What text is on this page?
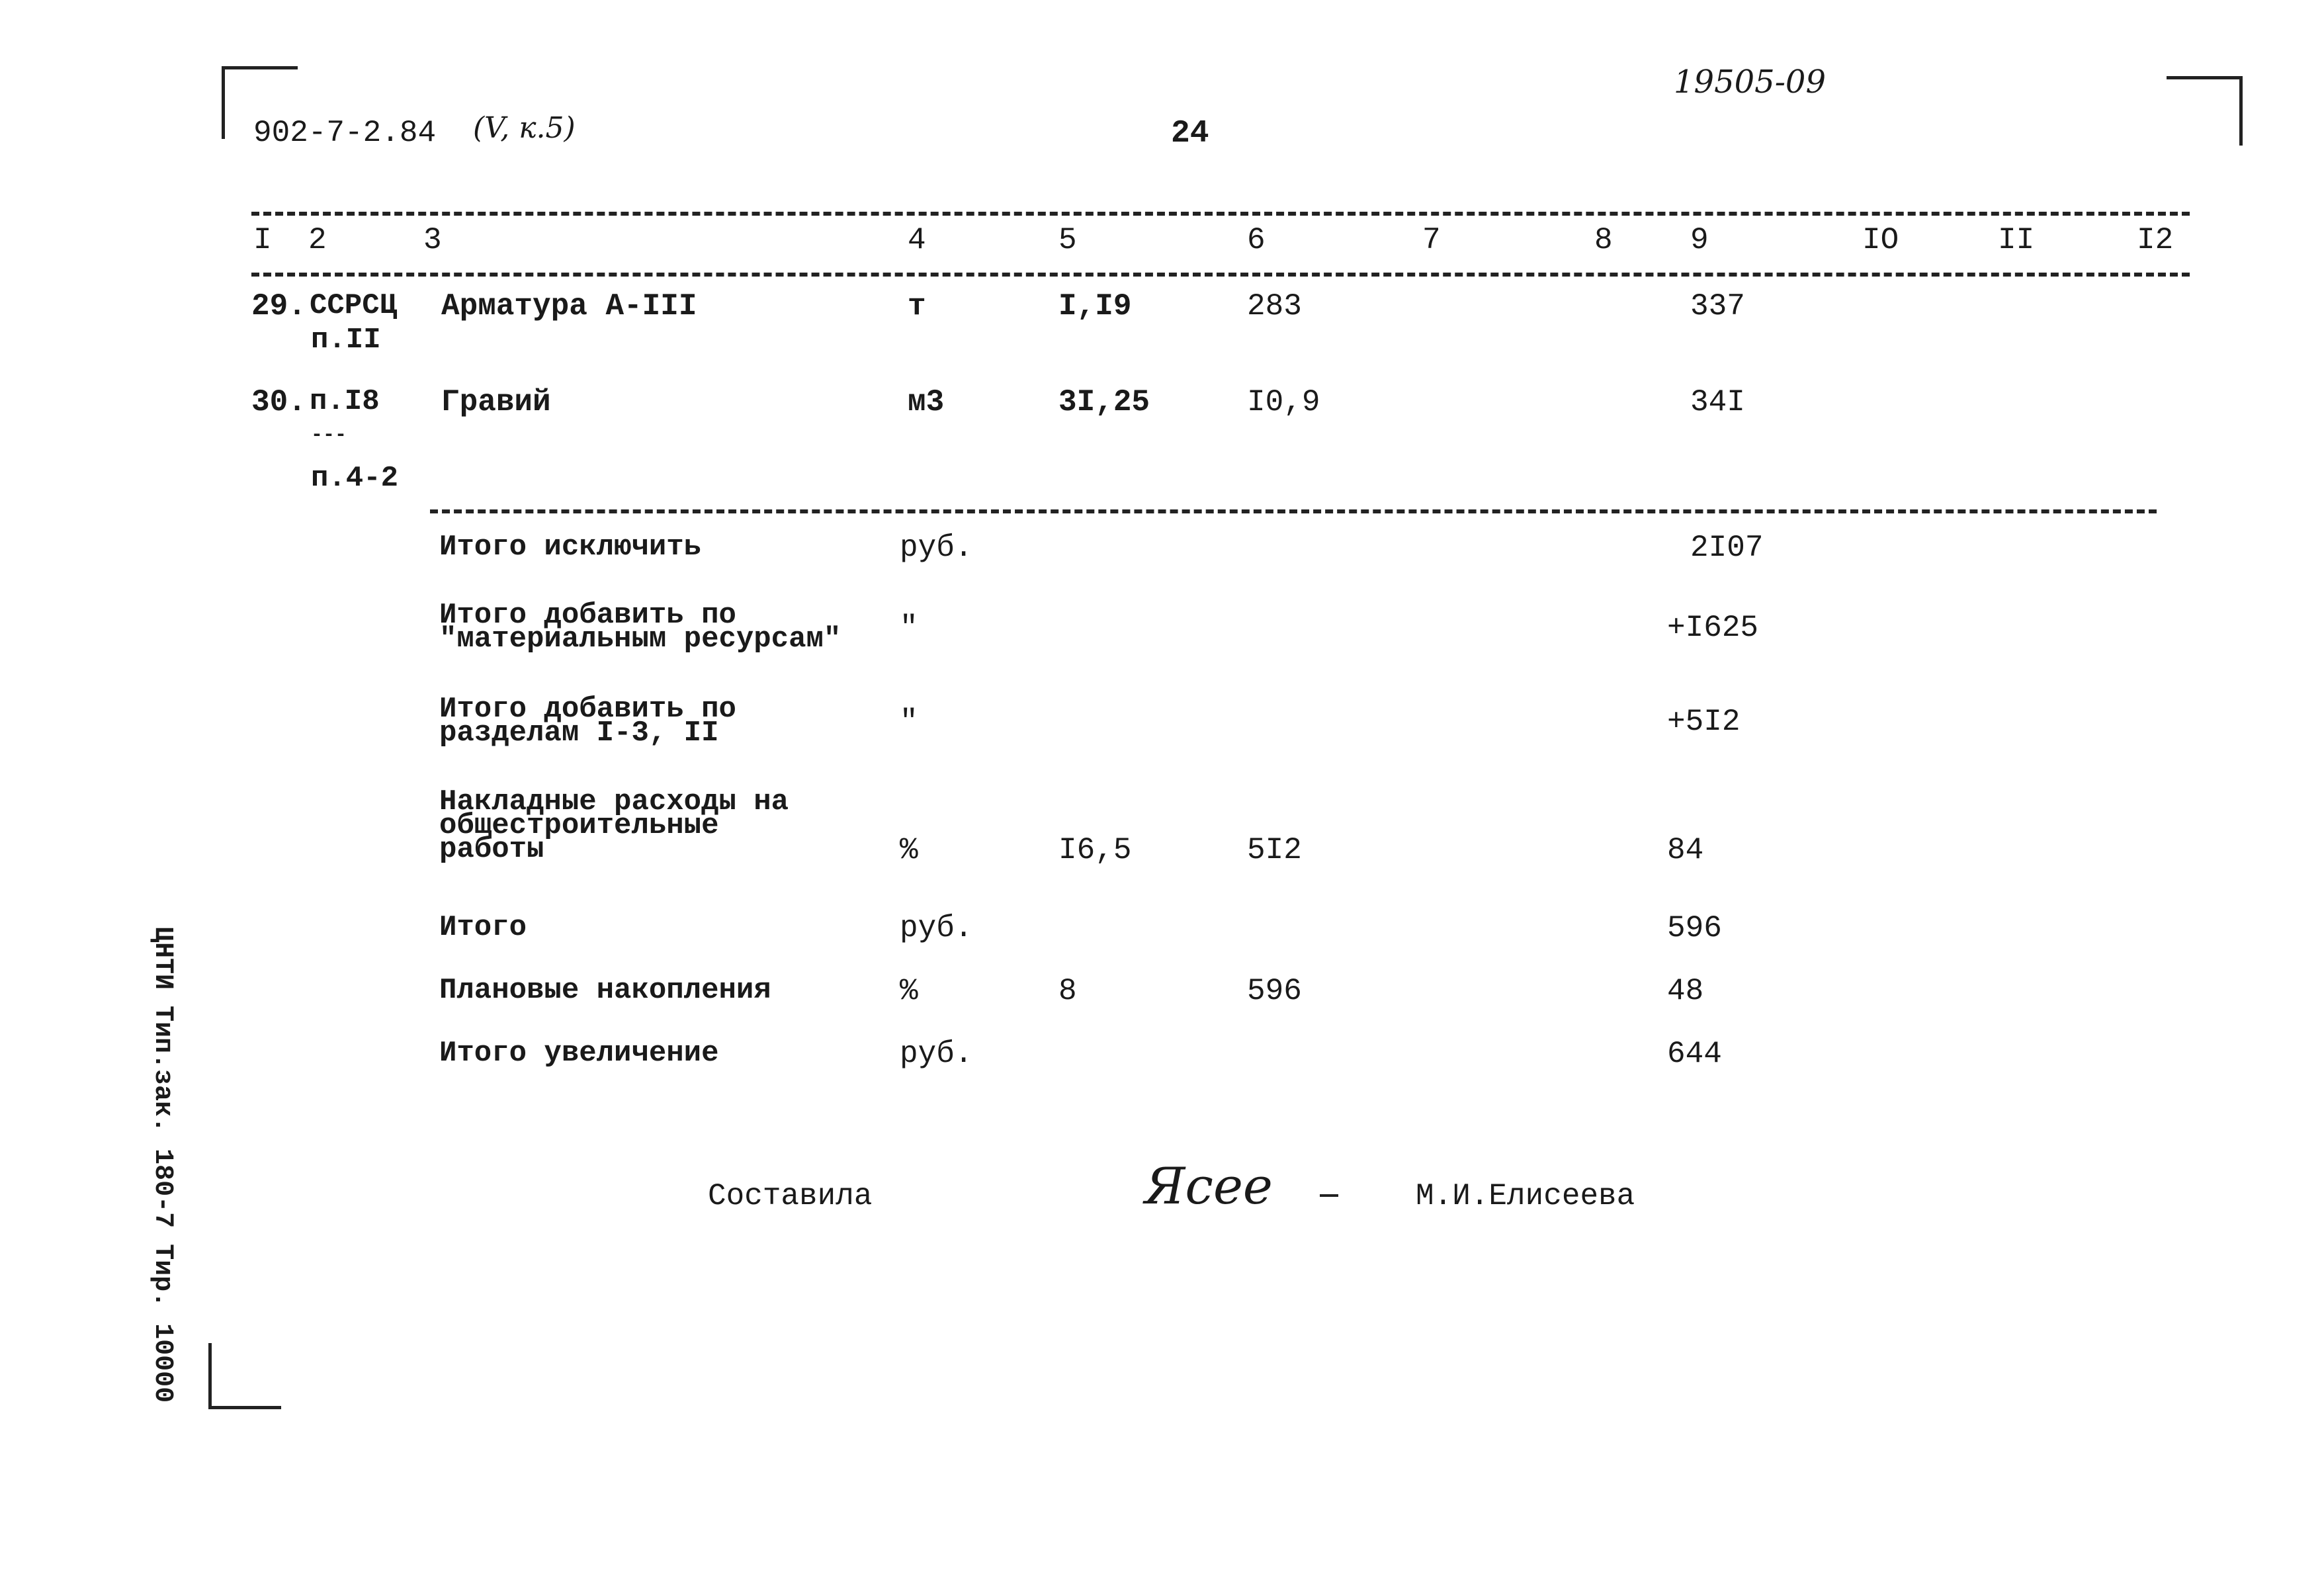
902-7-2.84 (V, к.5)	24
19505-09
I 2	3	4	5	6	7	8	9	IO	II	I2
29. ССРСЦ
п.II
Арматура А-III	т	I,I9	283	337
30. п.I8
---
п.4-2
Гравий	м3	3I,25	I0,9	34I
Итого исключить	руб.	2I07
Итого добавить по
"материальным ресурсам" "	+I625
Итого добавить по
разделам I-3, II	"	+5I2
Накладные расходы на
общестроительные
работы	%	I6,5	5I2	84
Итого	руб.	596
Плановые накопления	%	8	596	48
Итого увеличение	руб.	644
Составила	Ясее	М.И.Елисеева
ЦНТИ Тип.зак. 180-7 Тир. 10000
